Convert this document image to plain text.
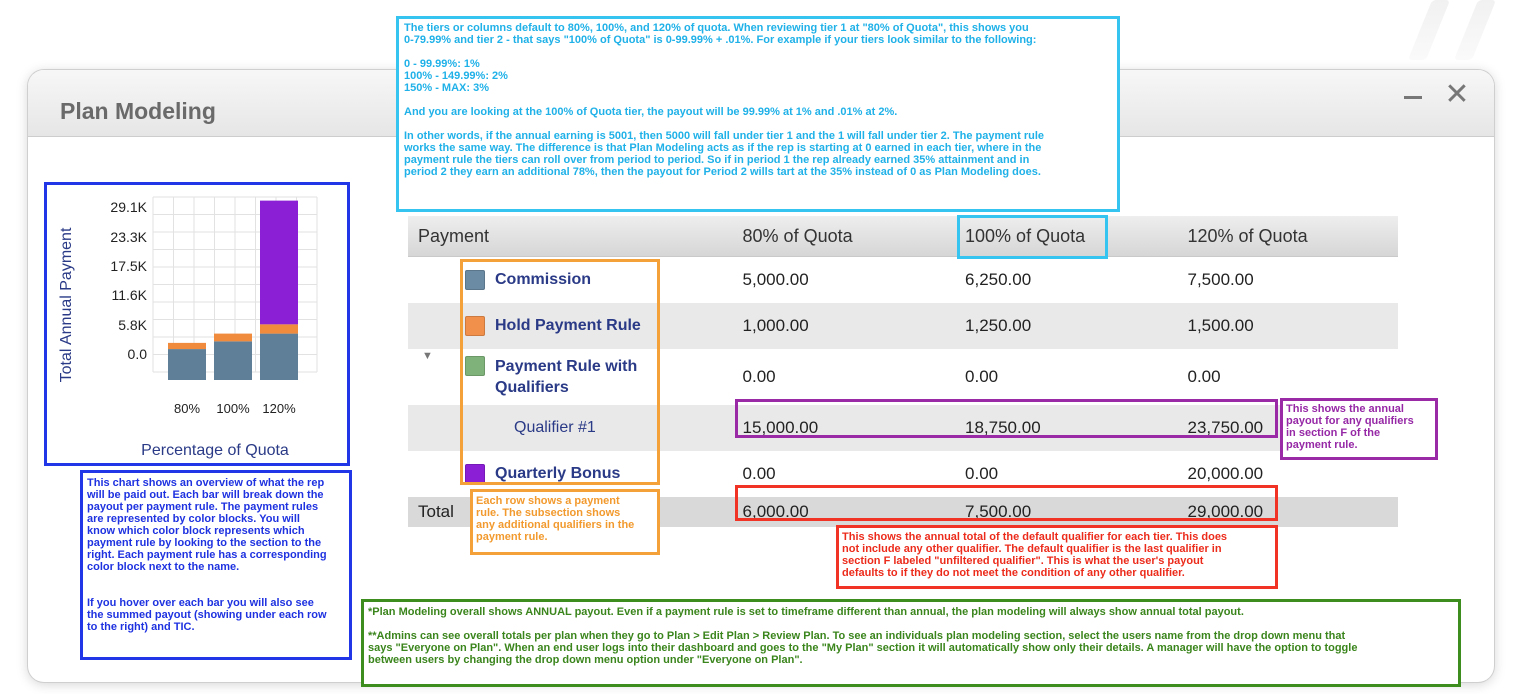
Plan Modeling	✕
29.1K
23.3K
17.5K
11.6K
5.8K
0.0
80% 100% 120%
Total Annual Payment
Percentage of Quota
Payment	80% of Quota	100% of Quota	120% of Quota

Commission	5,000.00	6,250.00	7,500.00

Hold Payment Rule	1,000.00	1,250.00	1,500.00

▼
Payment Rule with Qualifiers	0.00	0.00	0.00
Qualifier #1	15,000.00	18,750.00	23,750.00

Quarterly Bonus	0.00	0.00	20,000.00
Total	6,000.00	7,500.00	29,000.00
The tiers or columns default to 80%, 100%, and 120% of quota. When reviewing tier 1 at "80% of Quota", this shows you
0-79.99% and tier 2 - that says "100% of Quota" is 0-99.99% + .01%. For example if your tiers look similar to the following:

0 - 99.99%: 1%
100% - 149.99%: 2%
150% - MAX: 3%

And you are looking at the 100% of Quota tier, the payout will be 99.99% at 1% and .01% at 2%.

In other words, if the annual earning is 5001, then 5000 will fall under tier 1 and the 1 will fall under tier 2. The payment rule
works the same way. The difference is that Plan Modeling acts as if the rep is starting at 0 earned in each tier, where in the
payment rule the tiers can roll over from period to period. So if in period 1 the rep already earned 35% attainment and in
period 2 they earn an additional 78%, then the payout for Period 2 wills tart at the 35% instead of 0 as Plan Modeling does.
This chart shows an overview of what the rep
will be paid out. Each bar will break down the
payout per payment rule. The payment rules
are represented by color blocks. You will
know which color block represents which
payment rule by looking to the section to the
right. Each payment rule has a corresponding
color block next to the name.

If you hover over each bar you will also see
the summed payout (showing under each row
to the right) and TIC.
Each row shows a payment
rule. The subsection shows
any additional qualifiers in the
payment rule.	This shows the annual total of the default qualifier for each tier. This does
not include any other qualifier. The default qualifier is the last qualifier in
section F labeled "unfiltered qualifier". This is what the user's payout
defaults to if they do not meet the condition of any other qualifier.
This shows the annual
payout for any qualifiers
in section F of the
payment rule.
*Plan Modeling overall shows ANNUAL payout. Even if a payment rule is set to timeframe different than annual, the plan modeling will always show annual total payout.

**Admins can see overall totals per plan when they go to Plan > Edit Plan > Review Plan. To see an individuals plan modeling section, select the users name from the drop down menu that
says "Everyone on Plan". When an end user logs into their dashboard and goes to the "My Plan" section it will automatically show only their details. A manager will have the option to toggle
between users by changing the drop down menu option under "Everyone on Plan".
